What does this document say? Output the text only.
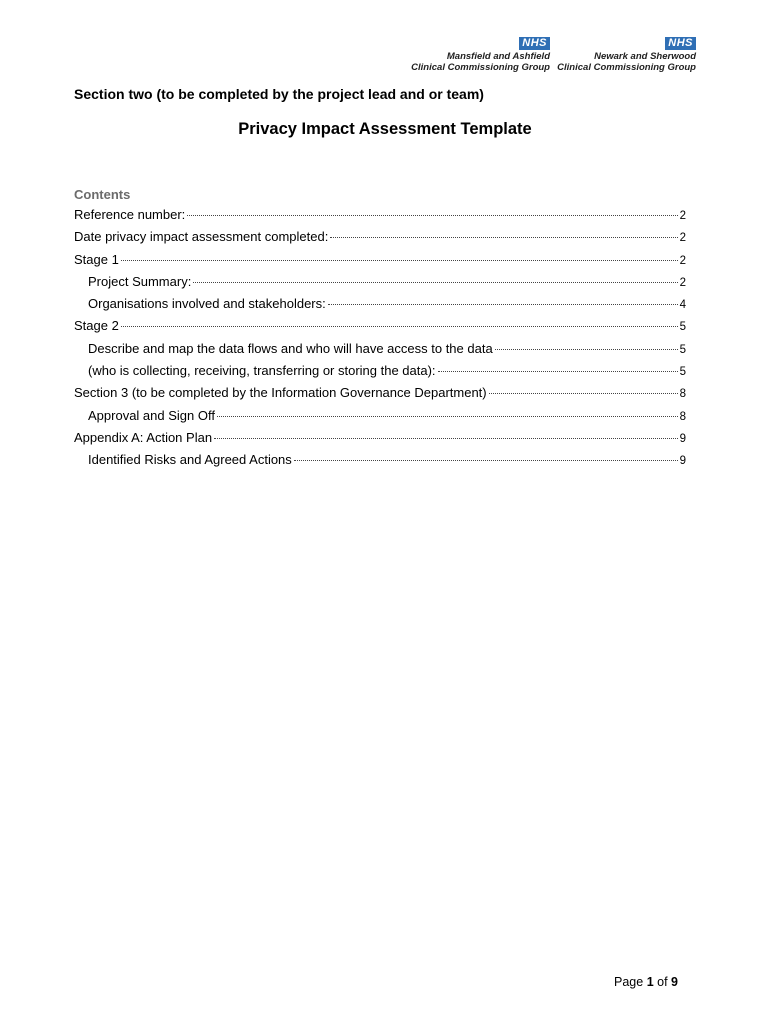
NHS
Mansfield and Ashfield
Clinical Commissioning Group
NHS
Newark and Sherwood
Clinical Commissioning Group
Section two (to be completed by the project lead and or team)
Privacy Impact Assessment Template
Contents
Reference number:	2
Date privacy impact assessment completed:	2
Stage 1	2
Project Summary:	2
Organisations involved and stakeholders:	4
Stage 2	5
Describe and map the data flows and who will have access to the data	5
(who is collecting, receiving, transferring or storing the data):	5
Section 3 (to be completed by the Information Governance Department)	8
Approval and Sign Off	8
Appendix A: Action Plan	9
Identified Risks and Agreed Actions	9
Page 1 of 9
